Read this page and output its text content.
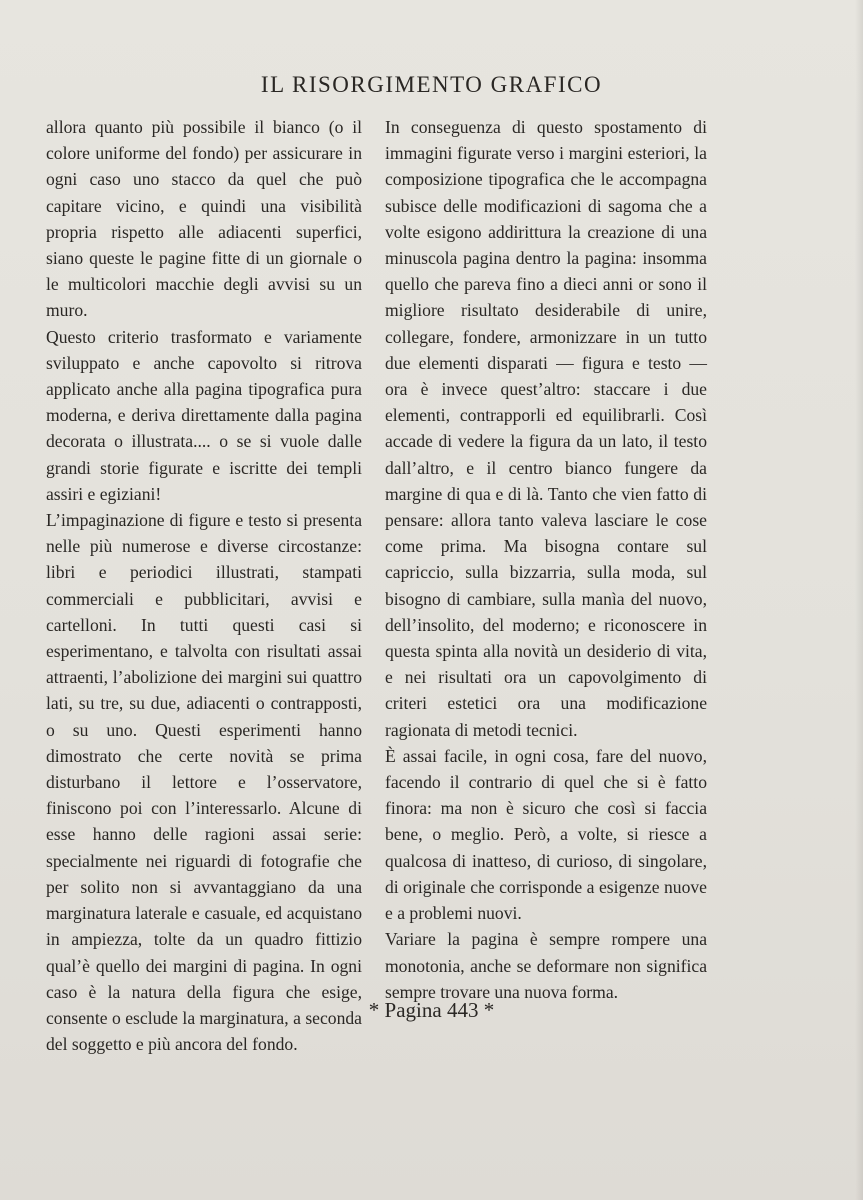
IL RISORGIMENTO GRAFICO

allora quanto più possibile il bianco (o il colore uniforme del fondo) per assicurare in ogni caso uno stacco da quel che può capitare vicino, e quindi una visibilità propria rispetto alle adiacenti superfici, siano queste le pagine fitte di un giornale o le multicolori macchie degli avvisi su un muro.

Questo criterio trasformato e variamente sviluppato e anche capovolto si ritrova applicato anche alla pagina tipografica pura moderna, e deriva direttamente dalla pagina decorata o illustrata.... o se si vuole dalle grandi storie figurate e iscritte dei templi assiri e egiziani!

L’impaginazione di figure e testo si presenta nelle più numerose e diverse circostanze: libri e periodici illustrati, stampati commerciali e pubblicitari, avvisi e cartelloni. In tutti questi casi si esperimentano, e talvolta con risultati assai attraenti, l’abolizione dei margini sui quattro lati, su tre, su due, adiacenti o contrapposti, o su uno. Questi esperimenti hanno dimostrato che certe novità se prima disturbano il lettore e l’osservatore, finiscono poi con l’interessarlo. Alcune di esse hanno delle ragioni assai serie: specialmente nei riguardi di fotografie che per solito non si avvantaggiano da una marginatura laterale e casuale, ed acquistano in ampiezza, tolte da un quadro fittizio qual’è quello dei margini di pagina. In ogni caso è la natura della figura che esige, consente o esclude la marginatura, a seconda del soggetto e più ancora del fondo.

In conseguenza di questo spostamento di immagini figurate verso i margini esteriori, la composizione tipografica che le accompagna subisce delle modificazioni di sagoma che a volte esigono addirittura la creazione di una minuscola pagina dentro la pagina: insomma quello che pareva fino a dieci anni or sono il migliore risultato desiderabile di unire, collegare, fondere, armonizzare in un tutto due elementi disparati — figura e testo — ora è invece quest’altro: staccare i due elementi, contrapporli ed equilibrarli. Così accade di vedere la figura da un lato, il testo dall’altro, e il centro bianco fungere da margine di qua e di là. Tanto che vien fatto di pensare: allora tanto valeva lasciare le cose come prima. Ma bisogna contare sul capriccio, sulla bizzarria, sulla moda, sul bisogno di cambiare, sulla manìa del nuovo, dell’insolito, del moderno; e riconoscere in questa spinta alla novità un desiderio di vita, e nei risultati ora un capovolgimento di criteri estetici ora una modificazione ragionata di metodi tecnici.

È assai facile, in ogni cosa, fare del nuovo, facendo il contrario di quel che si è fatto finora: ma non è sicuro che così si faccia bene, o meglio. Però, a volte, si riesce a qualcosa di inatteso, di curioso, di singolare, di originale che corrisponde a esigenze nuove e a problemi nuovi.

Variare la pagina è sempre rompere una monotonia, anche se deformare non significa sempre trovare una nuova forma.

* Pagina 443 *
